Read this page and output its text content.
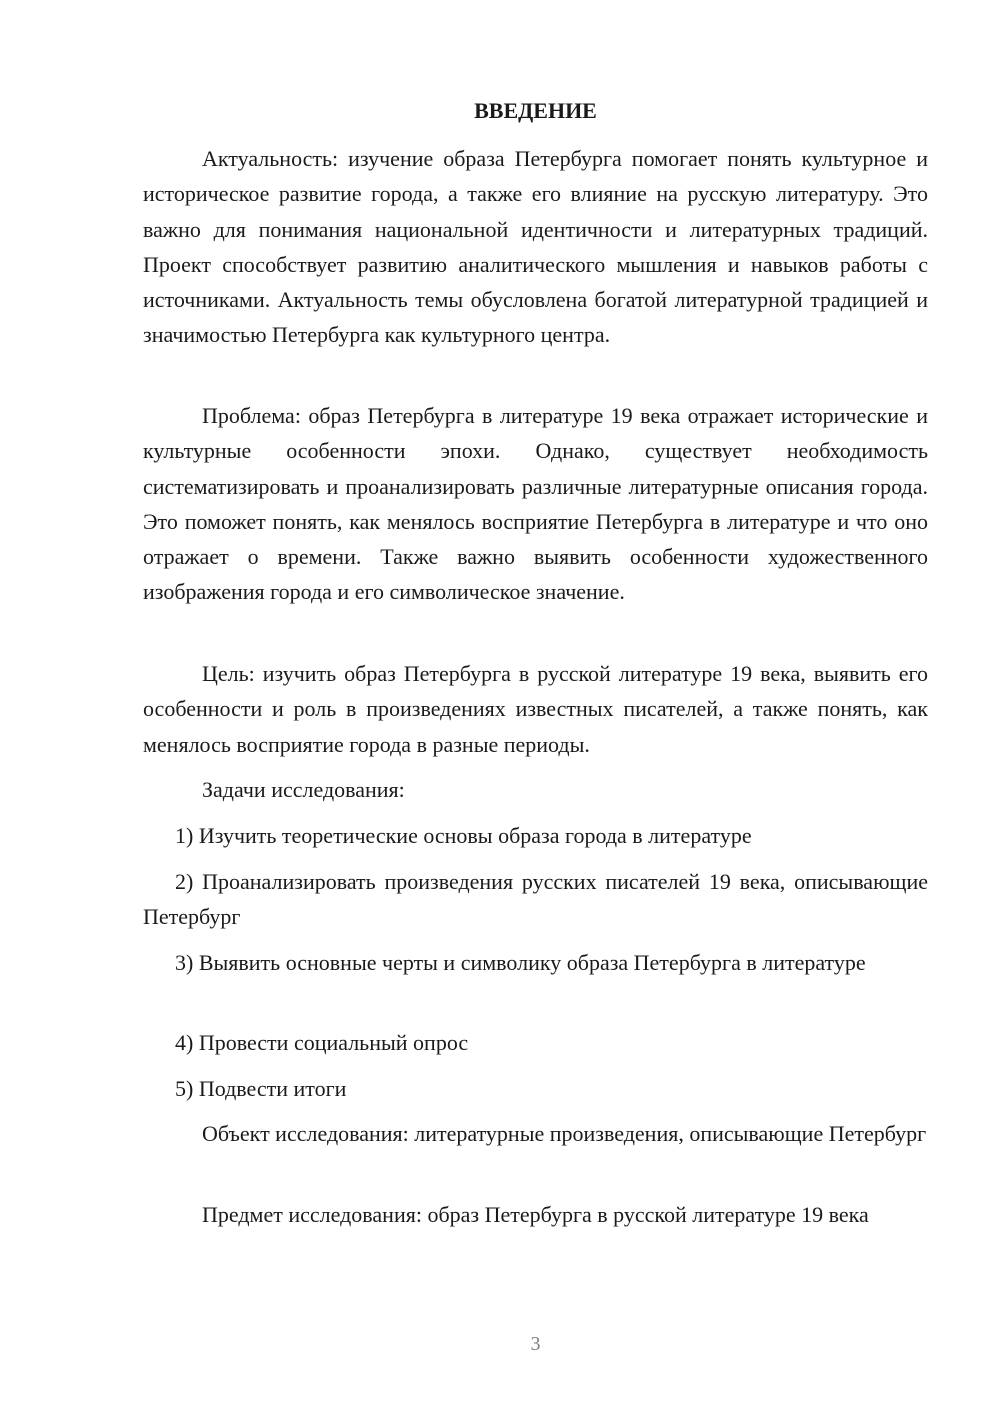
ВВЕДЕНИЕ

Актуальность: изучение образа Петербурга помогает понять культурное и историческое развитие города, а также его влияние на русскую литературу. Это важно для понимания национальной идентичности и литературных традиций. Проект способствует развитию аналитического мышления и навыков работы с источниками. Актуальность темы обусловлена богатой литературной традицией и значимостью Петербурга как культурного центра.

Проблема: образ Петербурга в литературе 19 века отражает исторические и культурные особенности эпохи. Однако, существует необходимость систематизировать и проанализировать различные литературные описания города. Это поможет понять, как менялось восприятие Петербурга в литературе и что оно отражает о времени. Также важно выявить особенности художественного изображения города и его символическое значение.

Цель: изучить образ Петербурга в русской литературе 19 века, выявить его особенности и роль в произведениях известных писателей, а также понять, как менялось восприятие города в разные периоды.

Задачи исследования:

1) Изучить теоретические основы образа города в литературе

2) Проанализировать произведения русских писателей 19 века, описывающие Петербург

3) Выявить основные черты и символику образа Петербурга в литературе

4) Провести социальный опрос

5) Подвести итоги

Объект исследования: литературные произведения, описывающие Петербург

Предмет исследования: образ Петербурга в русской литературе 19 века

3
